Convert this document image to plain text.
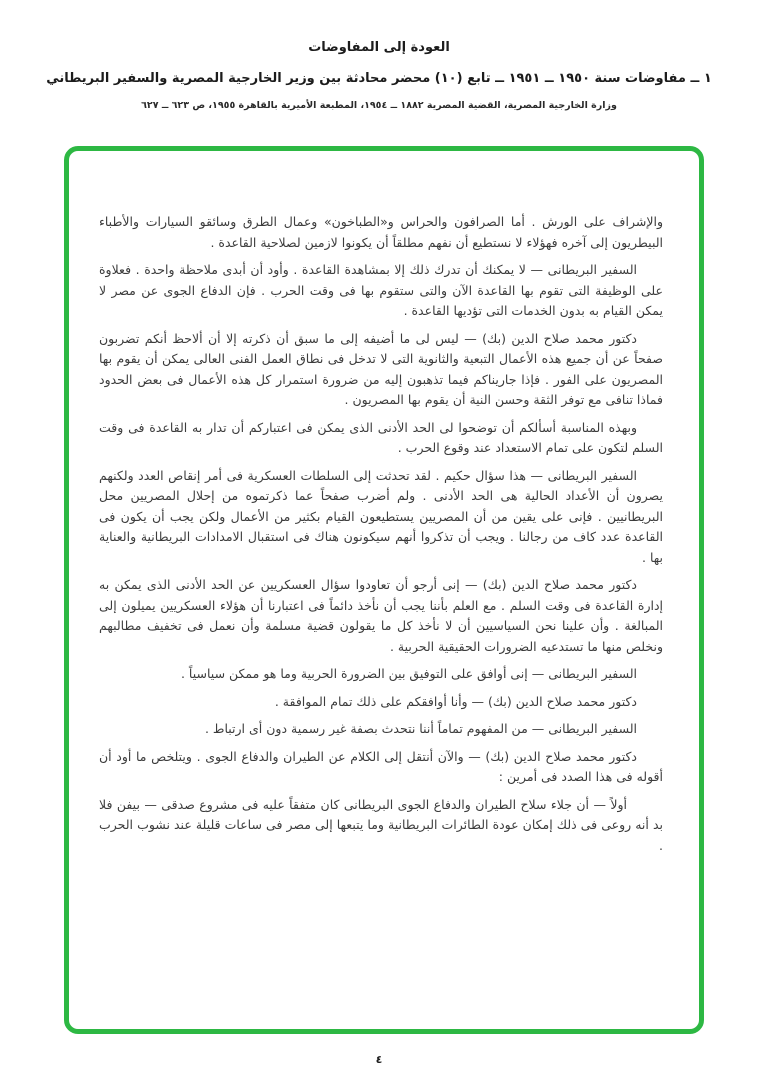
العودة إلى المفاوضات

١ ــ مفاوضات سنة ١٩٥٠ ــ ١٩٥١ ــ تابع (١٠) محضر محادثة بين وزير الخارجية المصرية والسفير البريطاني

وزارة الخارجية المصرية، القضية المصرية ١٨٨٢ ــ ١٩٥٤، المطبعة الأميرية بالقاهرة ١٩٥٥، ص ٦٢٣ ــ ٦٢٧

والإشراف على الورش . أما الصرافون والحراس و«الطباخون» وعمال الطرق وسائقو السيارات والأطباء البيطريون إلى آخره فهؤلاء لا نستطيع أن نفهم مطلقاً أن يكونوا لازمين لصلاحية القاعدة .

السفير البريطانى — لا يمكنك أن تدرك ذلك إلا بمشاهدة القاعدة . وأود أن أبدى ملاحظة واحدة . فعلاوة على الوظيفة التى تقوم بها القاعدة الآن والتى ستقوم بها فى وقت الحرب . فإن الدفاع الجوى عن مصر لا يمكن القيام به بدون الخدمات التى تؤديها القاعدة .

دكتور محمد صلاح الدين (بك) — ليس لى ما أضيفه إلى ما سبق أن ذكرته إلا أن ألاحظ أنكم تضربون صفحاً عن أن جميع هذه الأعمال التبعية والثانوية التى لا تدخل فى نطاق العمل الفنى العالى يمكن أن يقوم بها المصريون على الفور . فإذا جاريناكم فيما تذهبون إليه من ضرورة استمرار كل هذه الأعمال فى بعض الحدود فماذا تنافى مع توفر الثقة وحسن النية أن يقوم بها المصريون .

وبهذه المناسبة أسألكم أن توضحوا لى الحد الأدنى الذى يمكن فى اعتباركم أن تدار به القاعدة فى وقت السلم لتكون على تمام الاستعداد عند وقوع الحرب .

السفير البريطانى — هذا سؤال حكيم . لقد تحدثت إلى السلطات العسكرية فى أمر إنقاص العدد ولكنهم يصرون أن الأعداد الحالية هى الحد الأدنى . ولم أضرب صفحاً عما ذكرتموه من إحلال المصريين محل البريطانيين . فإنى على يقين من أن المصريين يستطيعون القيام بكثير من الأعمال ولكن يجب أن يكون فى القاعدة عدد كاف من رجالنا . ويجب أن تذكروا أنهم سيكونون هناك فى استقبال الامدادات البريطانية والعناية بها .

دكتور محمد صلاح الدين (بك) — إنى أرجو أن تعاودوا سؤال العسكريين عن الحد الأدنى الذى يمكن به إدارة القاعدة فى وقت السلم . مع العلم بأننا يجب أن نأخذ دائماً فى اعتبارنا أن هؤلاء العسكريين يميلون إلى المبالغة . وأن علينا نحن السياسيين أن لا نأخذ كل ما يقولون قضية مسلمة وأن نعمل فى تخفيف مطالبهم ونخلص منها ما تستدعيه الضرورات الحقيقية الحربية .

السفير البريطانى — إنى أوافق على التوفيق بين الضرورة الحربية وما هو ممكن سياسياً .

دكتور محمد صلاح الدين (بك) — وأنا أوافقكم على ذلك تمام الموافقة .

السفير البريطانى — من المفهوم تماماً أننا نتحدث بصفة غير رسمية دون أى ارتباط .

دكتور محمد صلاح الدين (بك) — والآن أنتقل إلى الكلام عن الطيران والدفاع الجوى . ويتلخص ما أود أن أقوله فى هذا الصدد فى أمرين :

أولاً — أن جلاء سلاح الطيران والدفاع الجوى البريطانى كان متفقاً عليه فى مشروع صدقى — بيفن فلا بد أنه روعى فى ذلك إمكان عودة الطائرات البريطانية وما يتبعها إلى مصر فى ساعات قليلة عند نشوب الحرب .

٤
